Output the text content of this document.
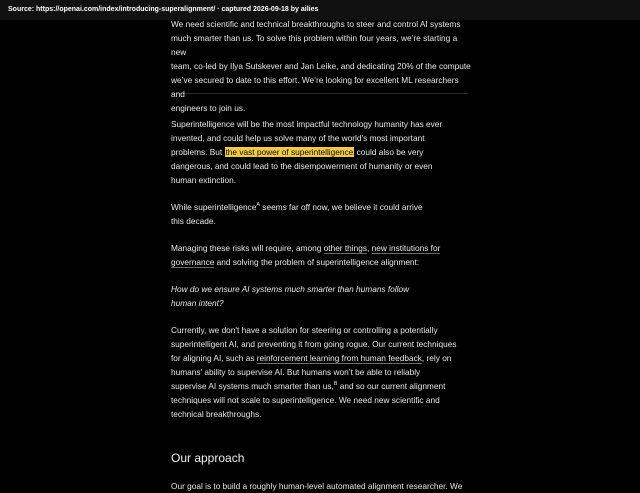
Source: https://openai.com/index/introducing-superalignment/ · captured 2026-09-18 by ailies

We need scientific and technical breakthroughs to steer and control AI systems
much smarter than us. To solve this problem within four years, we’re starting a new
team, co-led by Ilya Sutskever and Jan Leike, and dedicating 20% of the compute
we’ve secured to date to this effort. We’re looking for excellent ML researchers and
engineers to join us.

Superintelligence will be the most impactful technology humanity has ever
invented, and could help us solve many of the world’s most important
problems. But the vast power of superintelligence could also be very
dangerous, and could lead to the disempowerment of humanity or even
human extinction.

While superintelligence$^A$ seems far off now, we believe it could arrive
this decade.

Managing these risks will require, among other things, new institutions for
governance and solving the problem of superintelligence alignment:

How do we ensure AI systems much smarter than humans follow
human intent?

Currently, we don't have a solution for steering or controlling a potentially
superintelligent AI, and preventing it from going rogue. Our current techniques
for aligning AI, such as reinforcement learning from human feedback, rely on
humans’ ability to supervise AI. But humans won’t be able to reliably
supervise AI systems much smarter than us,$^B$ and so our current alignment
techniques will not scale to superintelligence. We need new scientific and
technical breakthroughs.

Our approach

Our goal is to build a roughly human-level automated alignment researcher. We
